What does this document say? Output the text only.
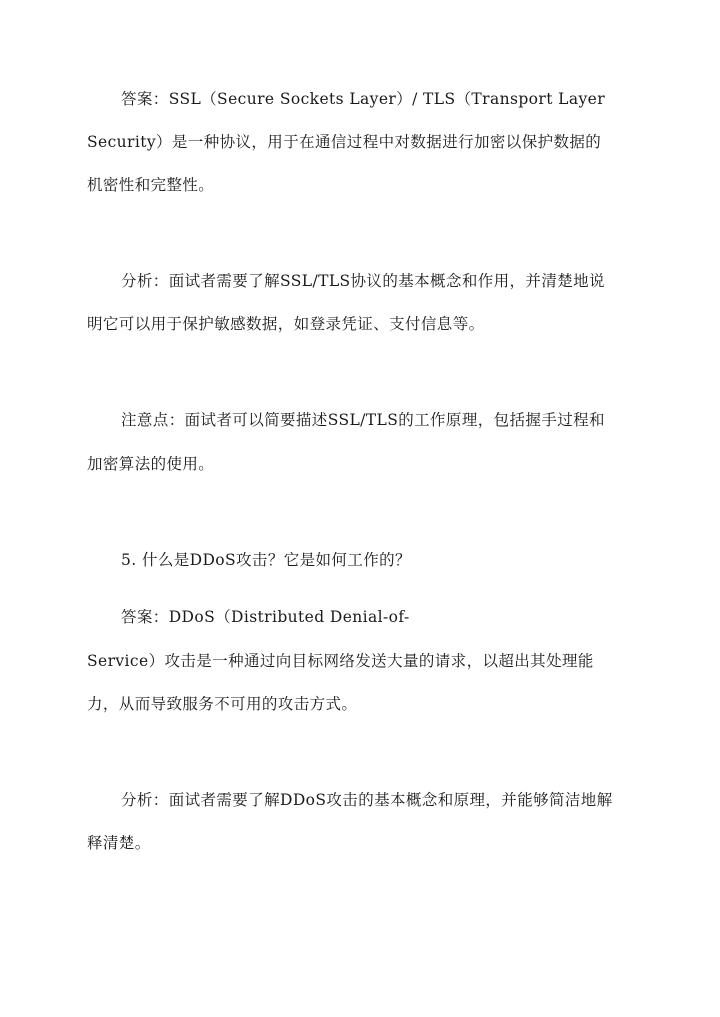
答案：SSL（Secure Sockets Layer）/ TLS（Transport Layer
Security）是一种协议，用于在通信过程中对数据进行加密以保护数据的
机密性和完整性。
分析：面试者需要了解SSL/TLS协议的基本概念和作用，并清楚地说
明它可以用于保护敏感数据，如登录凭证、支付信息等。
注意点：面试者可以简要描述SSL/TLS的工作原理，包括握手过程和
加密算法的使用。
5. 什么是DDoS攻击？它是如何工作的？
答案：DDoS（Distributed Denial-of-
Service）攻击是一种通过向目标网络发送大量的请求，以超出其处理能
力，从而导致服务不可用的攻击方式。
分析：面试者需要了解DDoS攻击的基本概念和原理，并能够简洁地解
释清楚。
